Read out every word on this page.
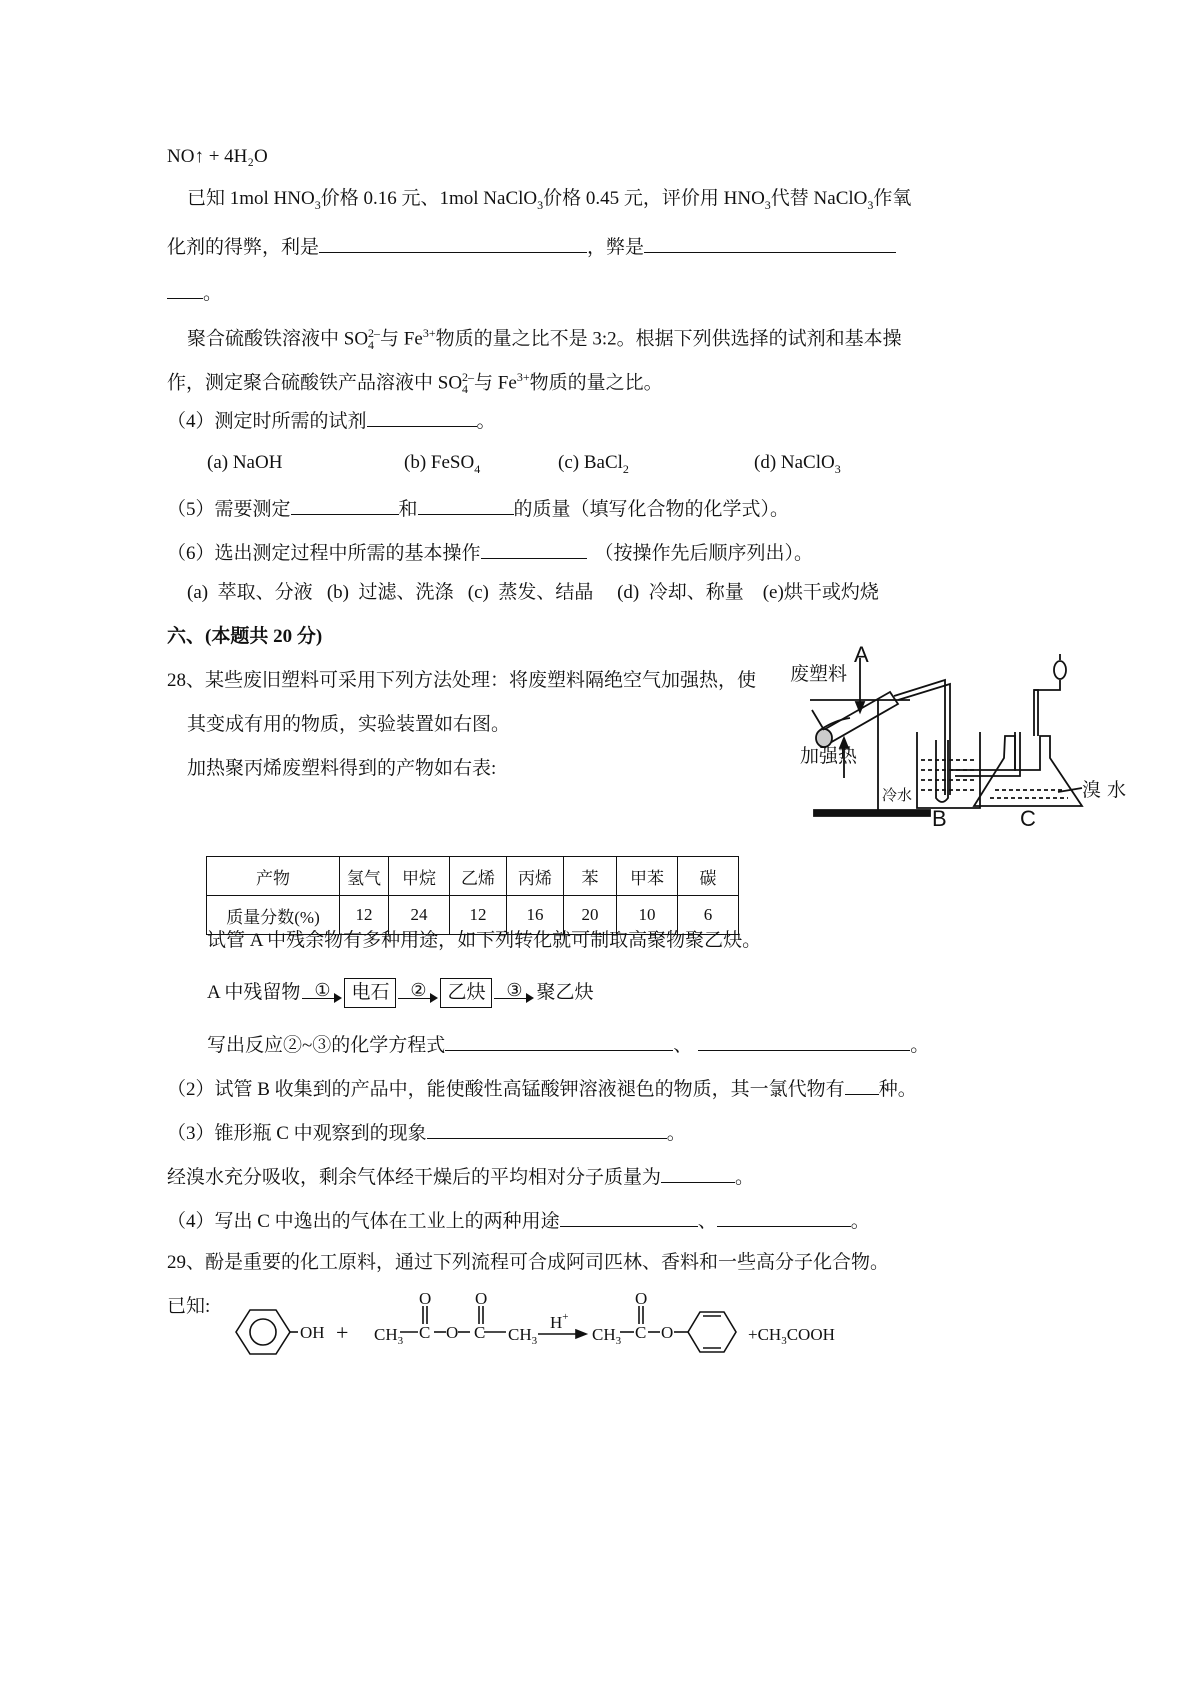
NO↑ + 4H₂O
已知 1mol $HNO_3$价格 0.16 元、1mol NaClO$_3$价格 0.45 元，评价用 $HNO_3$代替 NaClO$_3$作氧
化剂的得弊，利是	，弊是
。
聚合硫酸铁溶液中 $SO_4^{2-}$与 $Fe^{3+}$物质的量之比不是 3:2。根据下列供选择的试剂和基本操
作，测定聚合硫酸铁产品溶液中 $SO_4^{2-}$与 $Fe^{3+}$物质的量之比。
（4）测定时所需的试剂	。
(a) NaOH	(b) FeSO$_4$	(c) BaCl$_2$	(d) NaClO$_3$
（5）需要测定	和	的质量（填写化合物的化学式）。
（6）选出测定过程中所需的基本操作	（按操作先后顺序列出）。
(a)  萃取、分液   (b)  过滤、洗涤   (c)  蒸发、结晶     (d)  冷却、称量    (e)烘干或灼烧
六、(本题共 20 分)
28、某些废旧塑料可采用下列方法处理：将废塑料隔绝空气加强热，使
其变成有用的物质，实验装置如右图。
加热聚丙烯废塑料得到的产物如右表:
A
废塑料
加强热
冷水
B	C
溴 水
产物	氢气	甲烷	乙烯	丙烯	苯	甲苯	碳
质量分数(%)	12	24	12	16	20	10	6
试管 A 中残余物有多种用途，如下列转化就可制取高聚物聚乙炔。
A 中残留物 ①	电石	②	乙炔	③ 聚乙炔
写出反应②~③的化学方程式	、	。
（2）试管 B 收集到的产品中，能使酸性高锰酸钾溶液褪色的物质，其一氯代物有 种。
（3）锥形瓶 C 中观察到的现象	。
经溴水充分吸收，剩余气体经干燥后的平均相对分子质量为	。
（4）写出 C 中逸出的气体在工业上的两种用途	、	。
29、酚是重要的化工原料，通过下列流程可合成阿司匹林、香料和一些高分子化合物。
已知:
OH + $CH_3$ C
O
O C
O
$CH_3$
H+
$CH_3$ C
O
O	$+CH_3COOH$
